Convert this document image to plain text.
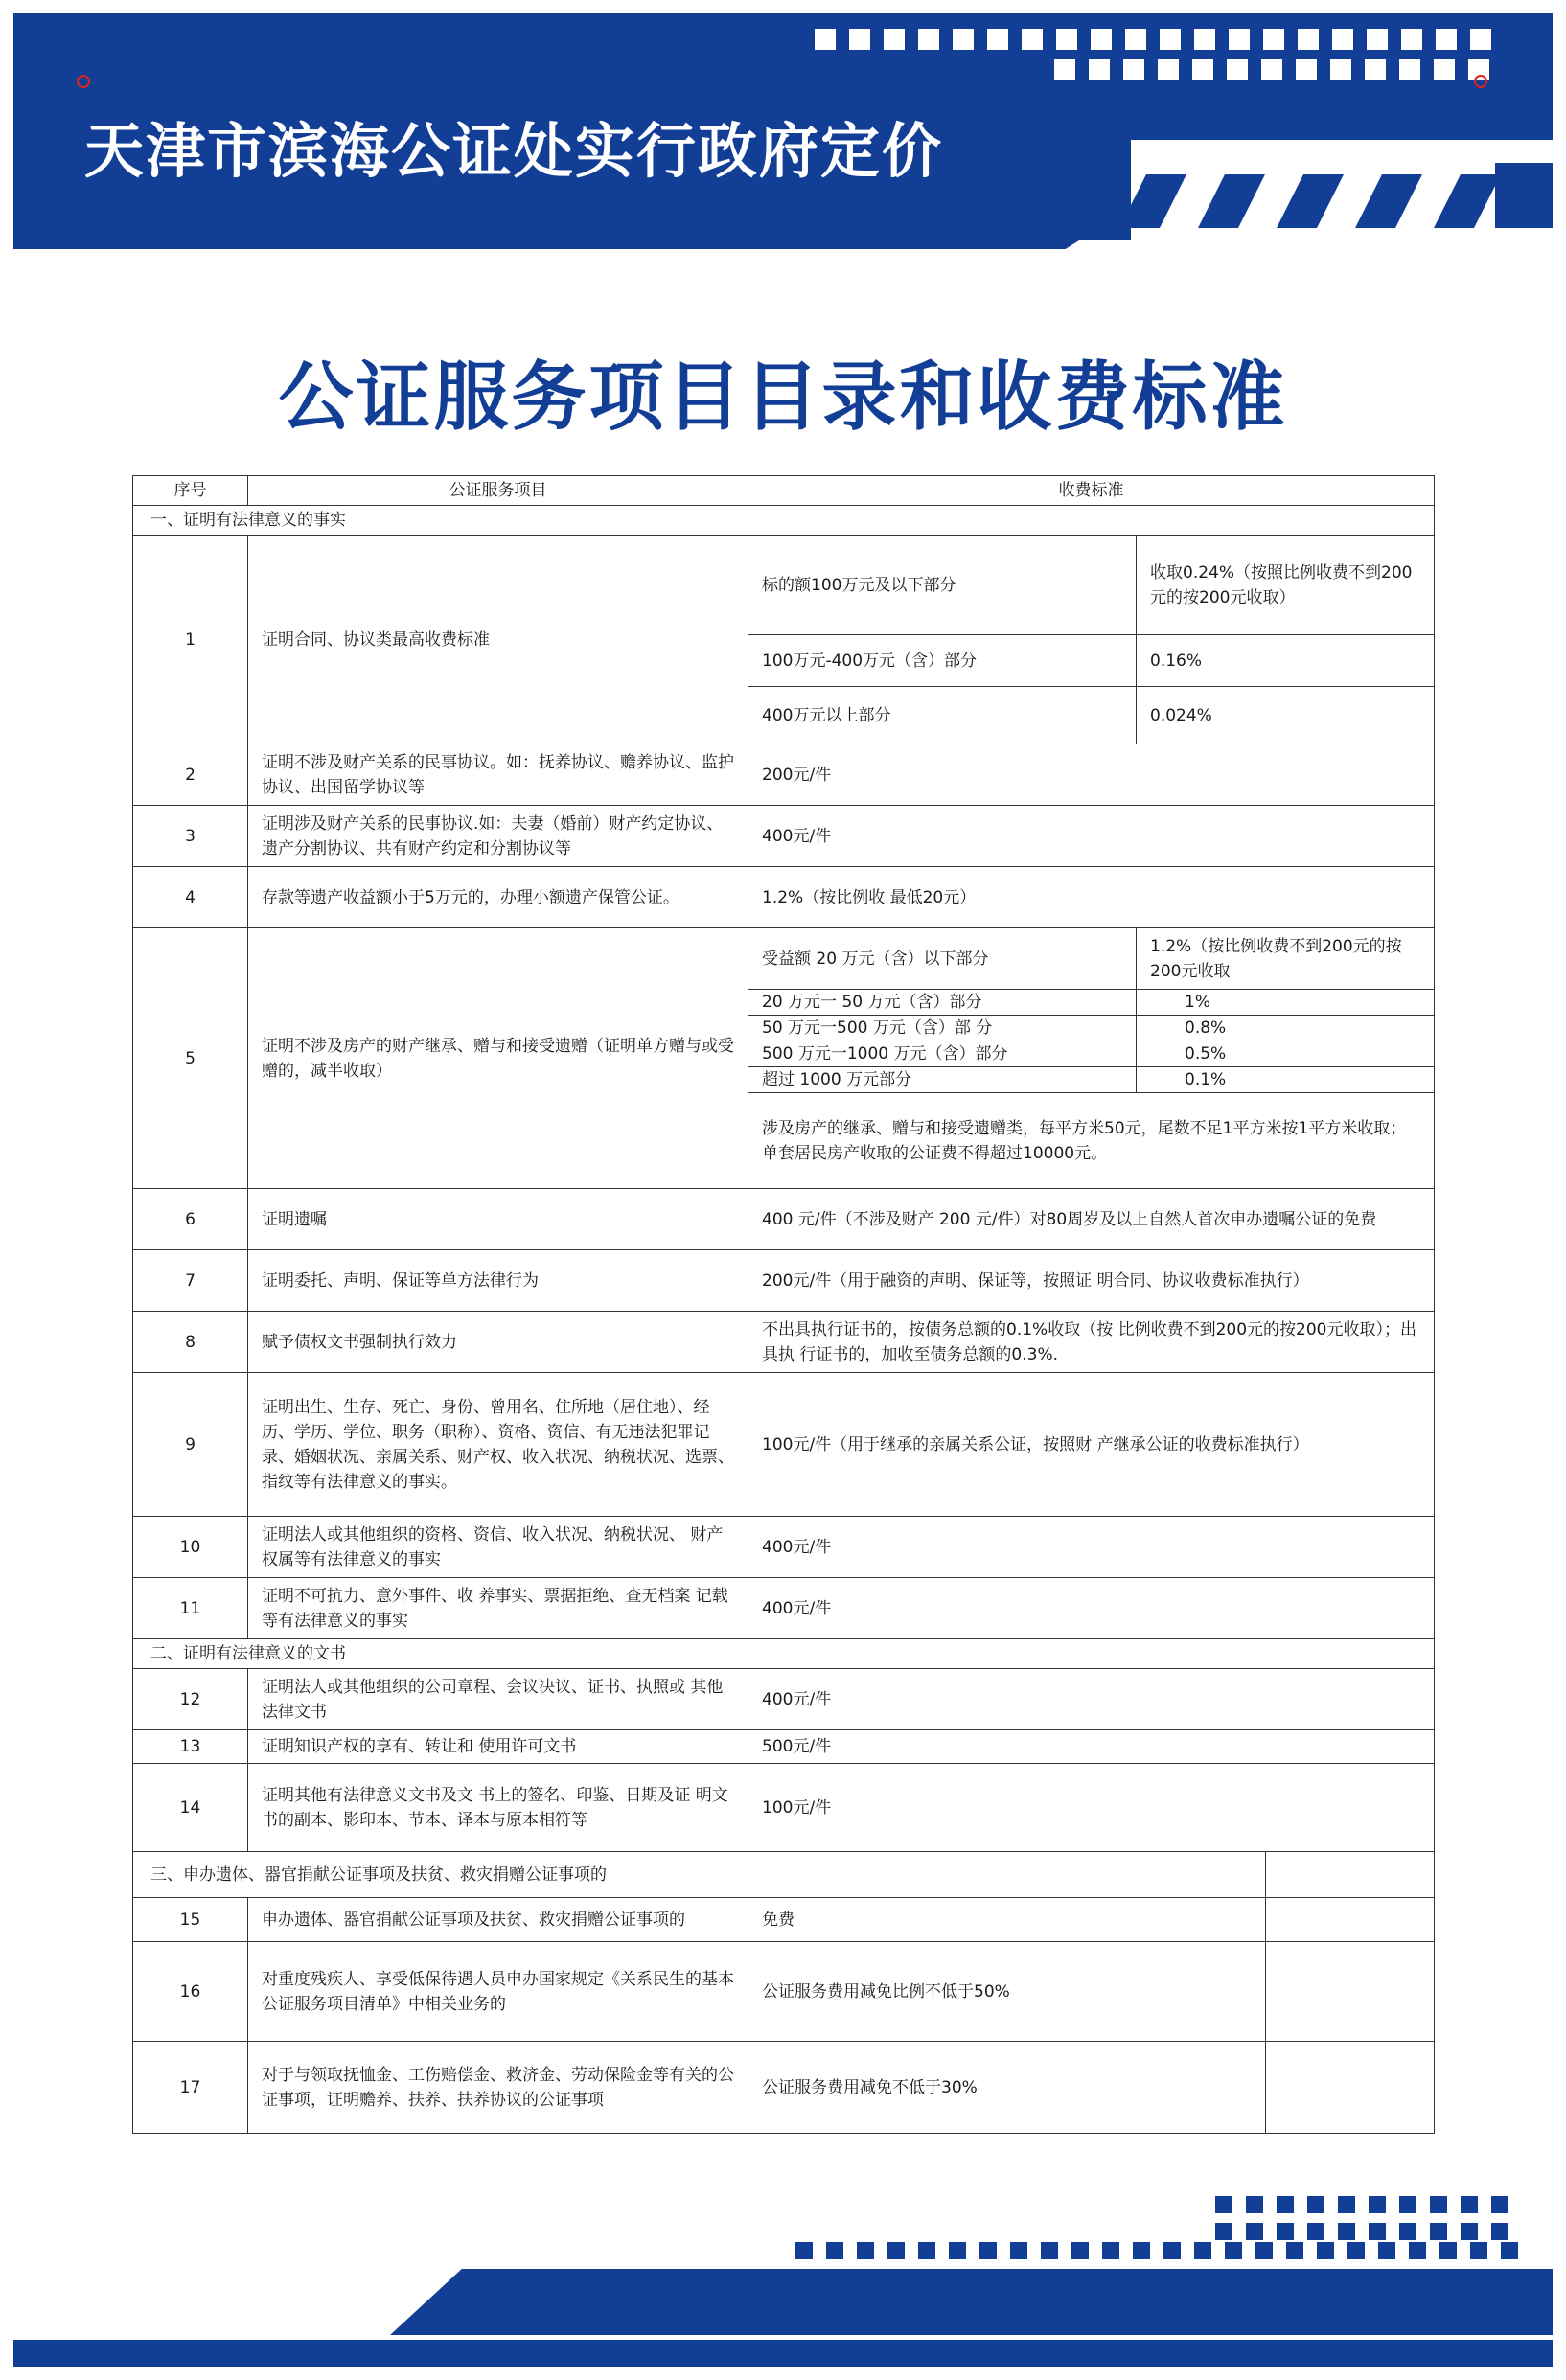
天津市滨海公证处实行政府定价
公证服务项目目录和收费标准
序号	公证服务项目	收费标准		
一、证明有法律意义的事实				
1	证明合同、协议类最高收费标准	标的额100万元及以下部分	收取0.24%（按照比例收费不到200元的按200元收取）	
		100万元-400万元（含）部分	0.16%	
		400万元以上部分	0.024%	
2	证明不涉及财产关系的民事协议。如：抚养协议、赡养协议、监护协议、出国留学协议等	200元/件		
3	证明涉及财产关系的民事协议.如：夫妻（婚前）财产约定协议、遗产分割协议、共有财产约定和分割协议等	400元/件		
4	存款等遗产收益额小于5万元的，办理小额遗产保管公证。	1.2%（按比例收 最低20元）		
5	证明不涉及房产的财产继承、赠与和接受遗赠（证明单方赠与或受赠的，减半收取）	受益额 20 万元（含）以下部分	1.2%（按比例收费不到200元的按200元收取	
		20 万元一 50 万元（含）部分	1%	
		50 万元一500 万元（含）部 分	0.8%	
		500 万元一1000 万元（含）部分	0.5%	
		超过 1000 万元部分	0.1%	
		涉及房产的继承、赠与和接受遗赠类，每平方米50元，尾数不足1平方米按1平方米收取；单套居民房产收取的公证费不得超过10000元。		
6	证明遗嘱	400 元/件（不涉及财产 200 元/件）对80周岁及以上自然人首次申办遗嘱公证的免费		
7	证明委托、声明、保证等单方法律行为	200元/件（用于融资的声明、保证等，按照证 明合同、协议收费标准执行）		
8	赋予债权文书强制执行效力	不出具执行证书的，按债务总额的0.1%收取（按 比例收费不到200元的按200元收取）；出具执 行证书的，加收至债务总额的0.3%.		
9	证明出生、生存、死亡、身份、曾用名、住所地（居住地）、经 历、学历、学位、职务（职称）、资格、资信、有无违法犯罪记录、婚姻状况、亲属关系、财产权、收入状况、纳税状况、选票、指纹等有法律意义的事实。	100元/件（用于继承的亲属关系公证，按照财 产继承公证的收费标准执行）		
10	证明法人或其他组织的资格、资信、收入状况、纳税状况、 财产权属等有法律意义的事实	400元/件		
11	证明不可抗力、意外事件、收 养事实、票据拒绝、查无档案 记载等有法律意义的事实	400元/件		
二、证明有法律意义的文书				
12	证明法人或其他组织的公司章程、会议决议、证书、执照或 其他法律文书	400元/件		
13	证明知识产权的享有、转让和 使用许可文书	500元/件		
14	证明其他有法律意义文书及文 书上的签名、印鉴、日期及证 明文书的副本、影印本、节本、译本与原本相符等	100元/件		
三、申办遗体、器官捐献公证事项及扶贫、救灾捐赠公证事项的				
15	申办遗体、器官捐献公证事项及扶贫、救灾捐赠公证事项的	免费		
16	对重度残疾人、享受低保待遇人员申办国家规定《关系民生的基本公证服务项目清单》中相关业务的	公证服务费用减免比例不低于50%		
17	对于与领取抚恤金、工伤赔偿金、救济金、劳动保险金等有关的公证事项，证明赡养、扶养、扶养协议的公证事项	公证服务费用减免不低于30%		
